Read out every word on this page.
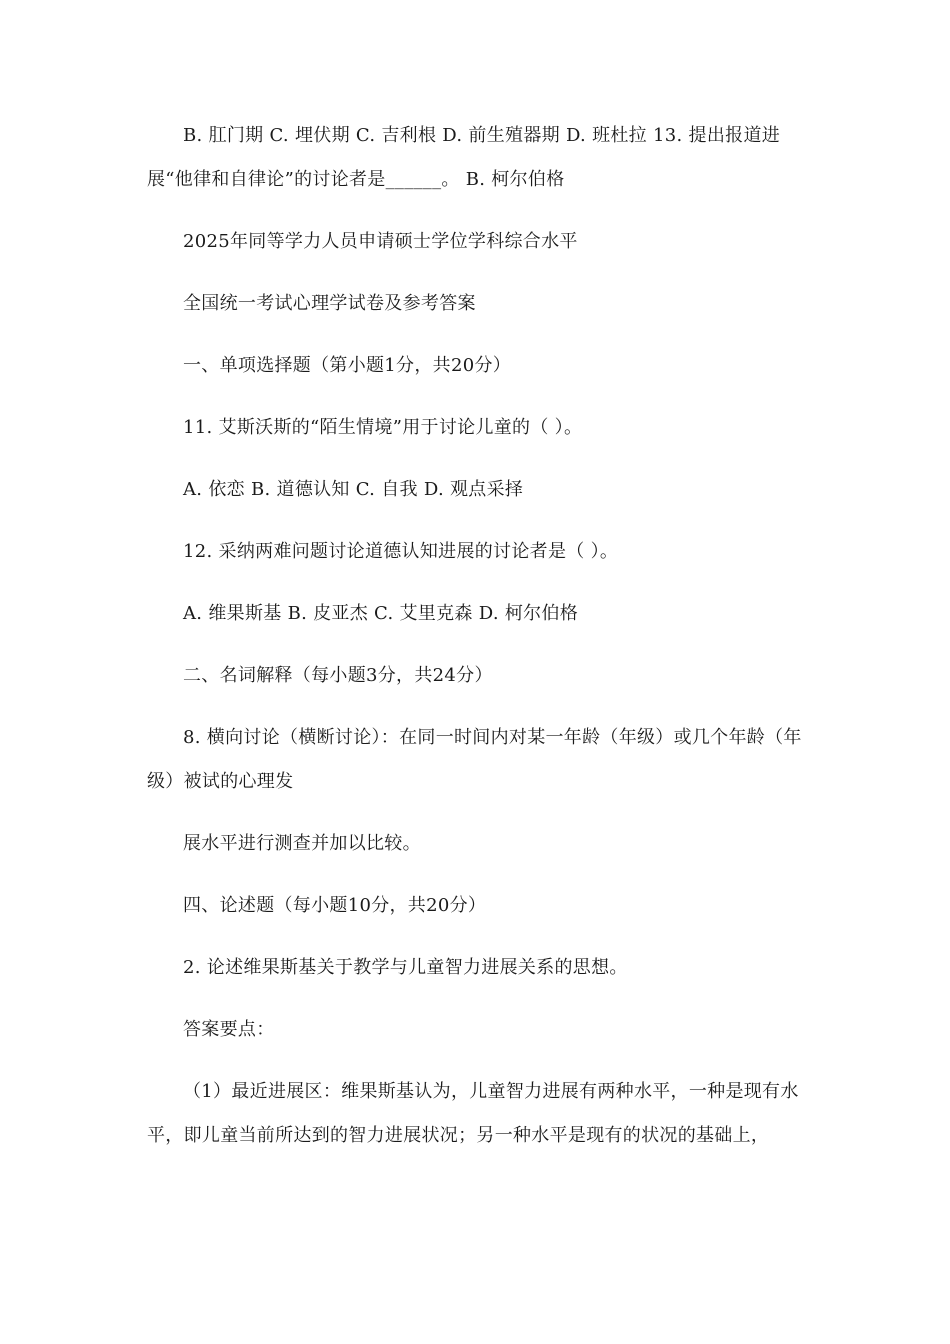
B. 肛门期 C. 埋伏期 C. 吉利根 D. 前生殖器期 D. 班杜拉 13. 提出报道进展“他律和自律论”的讨论者是______。 B. 柯尔伯格

2025年同等学力人员申请硕士学位学科综合水平

全国统一考试心理学试卷及参考答案

一、单项选择题（第小题1分，共20分）

11. 艾斯沃斯的“陌生情境”用于讨论儿童的（ ）。

A. 依恋 B. 道德认知 C. 自我 D. 观点采择

12. 采纳两难问题讨论道德认知进展的讨论者是（ ）。

A. 维果斯基 B. 皮亚杰 C. 艾里克森 D. 柯尔伯格

二、名词解释（每小题3分，共24分）

8. 横向讨论（横断讨论）：在同一时间内对某一年龄（年级）或几个年龄（年级）被试的心理发

展水平进行测查并加以比较。

四、论述题（每小题10分，共20分）

2. 论述维果斯基关于教学与儿童智力进展关系的思想。

答案要点：

（1）最近进展区：维果斯基认为，儿童智力进展有两种水平，一种是现有水平，即儿童当前所达到的智力进展状况；另一种水平是现有的状况的基础上，
